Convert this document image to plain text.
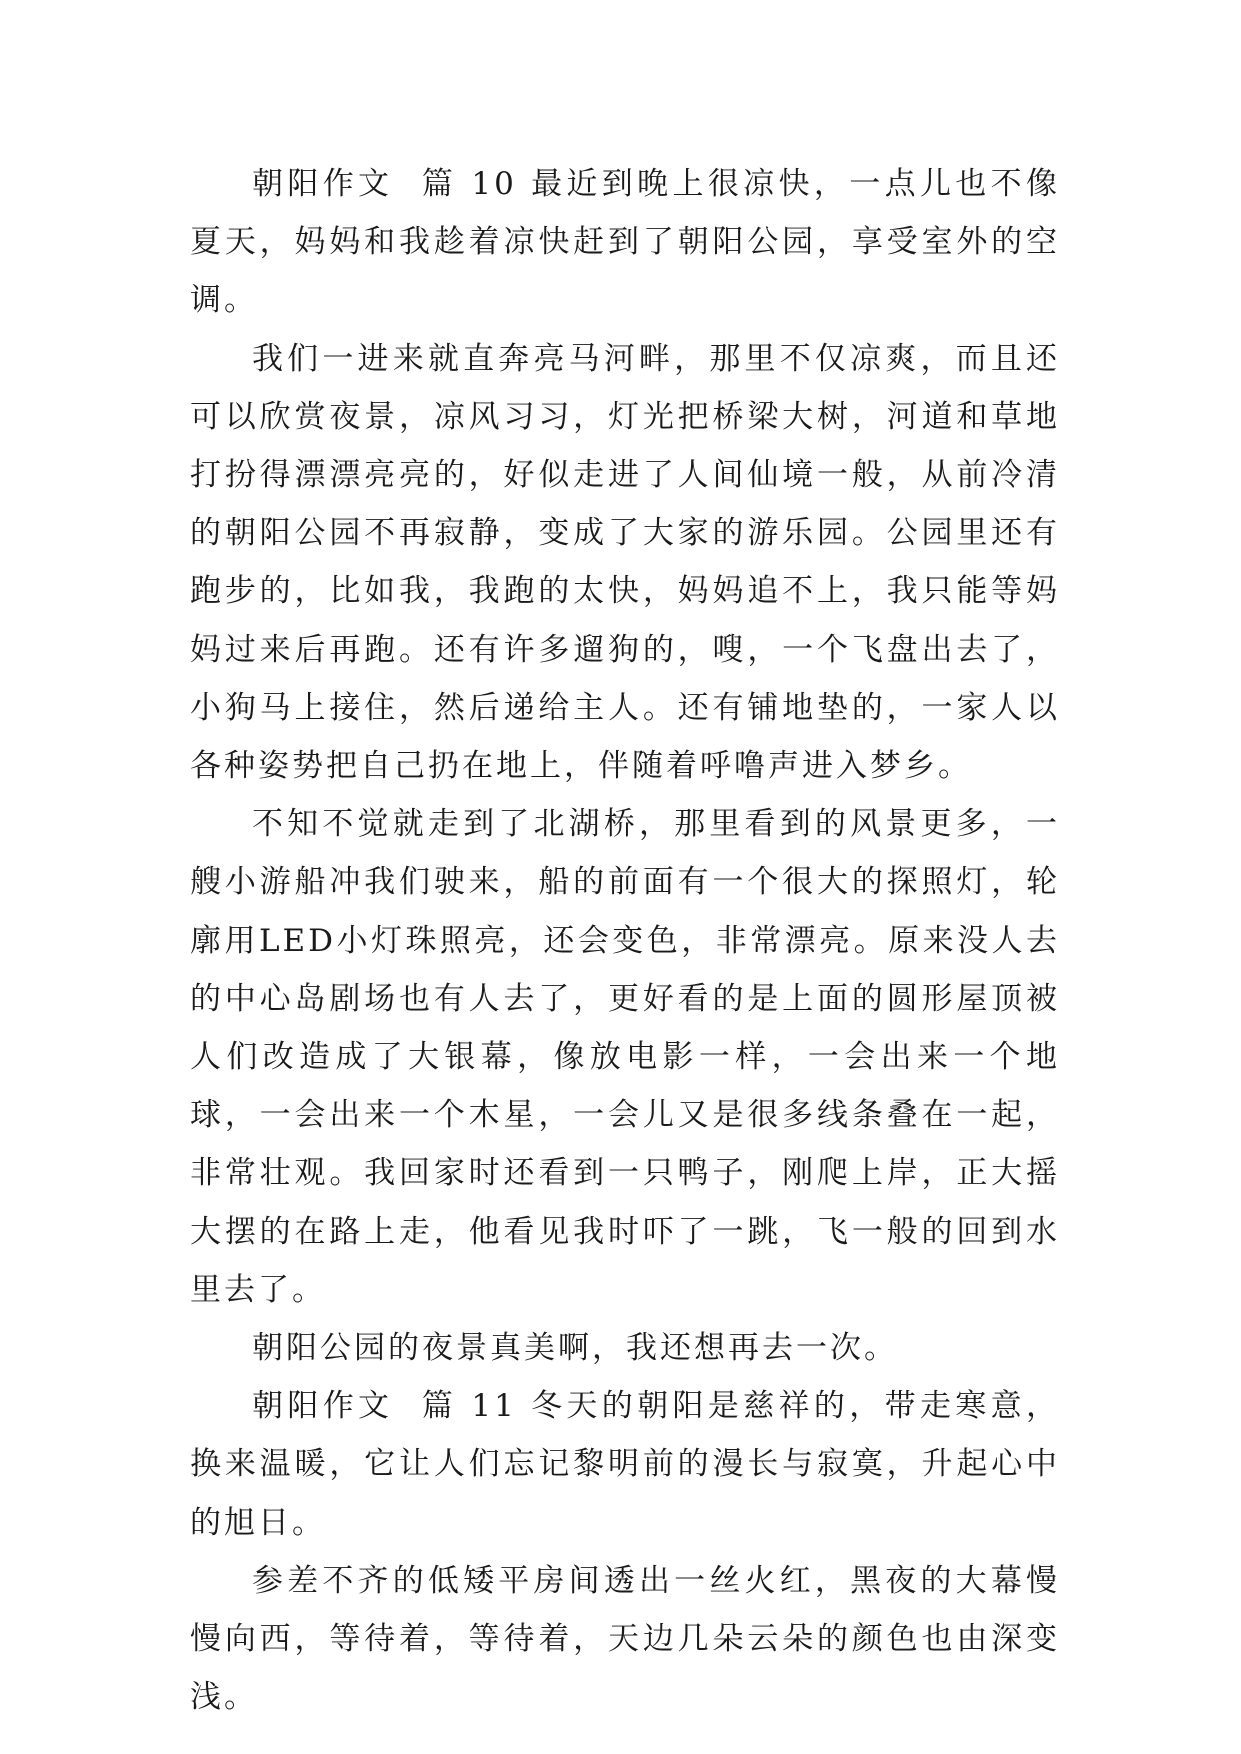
朝阳作文  篇 10 最近到晚上很凉快，一点儿也不像夏天，妈妈和我趁着凉快赶到了朝阳公园，享受室外的空调。

我们一进来就直奔亮马河畔，那里不仅凉爽，而且还可以欣赏夜景，凉风习习，灯光把桥梁大树，河道和草地打扮得漂漂亮亮的，好似走进了人间仙境一般，从前冷清的朝阳公园不再寂静，变成了大家的游乐园。公园里还有跑步的，比如我，我跑的太快，妈妈追不上，我只能等妈妈过来后再跑。还有许多遛狗的，嗖，一个飞盘出去了，小狗马上接住，然后递给主人。还有铺地垫的，一家人以各种姿势把自己扔在地上，伴随着呼噜声进入梦乡。

不知不觉就走到了北湖桥，那里看到的风景更多，一艘小游船冲我们驶来，船的前面有一个很大的探照灯，轮廓用LED小灯珠照亮，还会变色，非常漂亮。原来没人去的中心岛剧场也有人去了，更好看的是上面的圆形屋顶被人们改造成了大银幕，像放电影一样，一会出来一个地球，一会出来一个木星，一会儿又是很多线条叠在一起，非常壮观。我回家时还看到一只鸭子，刚爬上岸，正大摇大摆的在路上走，他看见我时吓了一跳，飞一般的回到水里去了。

朝阳公园的夜景真美啊，我还想再去一次。

朝阳作文  篇 11 冬天的朝阳是慈祥的，带走寒意，换来温暖，它让人们忘记黎明前的漫长与寂寞，升起心中的旭日。

参差不齐的低矮平房间透出一丝火红，黑夜的大幕慢慢向西，等待着，等待着，天边几朵云朵的颜色也由深变浅。
